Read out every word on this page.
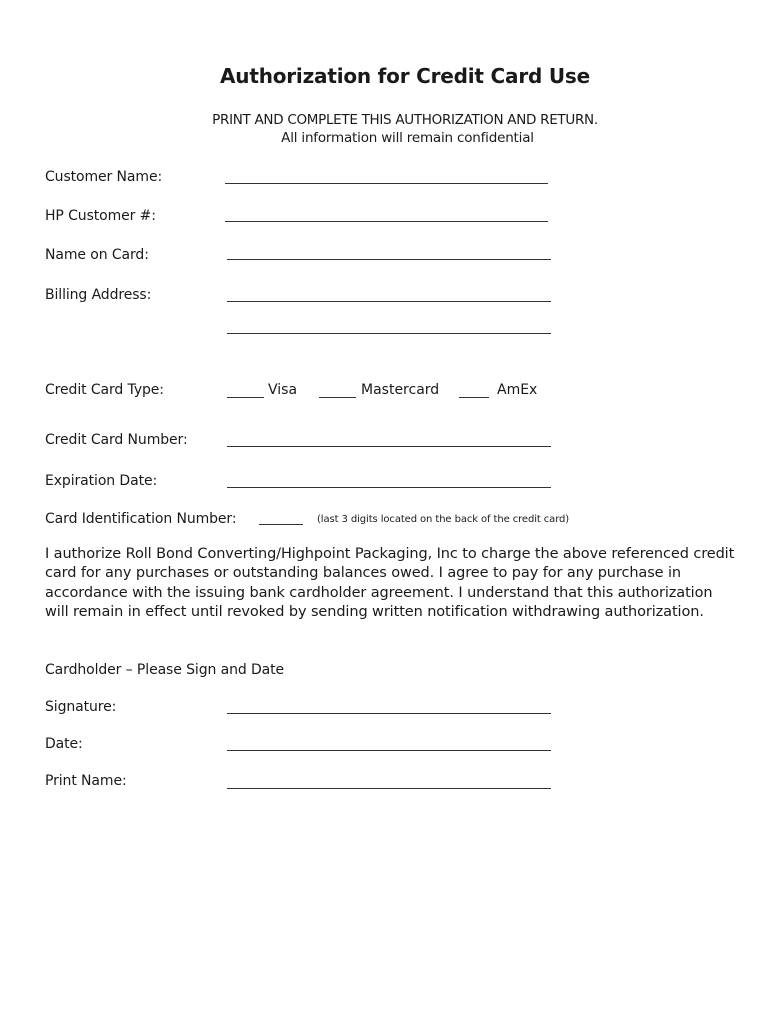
Authorization for Credit Card Use
PRINT AND COMPLETE THIS AUTHORIZATION AND RETURN.
All information will remain confidential
Customer Name:
HP Customer #:
Name on Card:
Billing Address:
Credit Card Type:	Visa	Mastercard	AmEx
Credit Card Number:
Expiration Date:
Card Identification Number:	(last 3 digits located on the back of the credit card)
I authorize Roll Bond Converting/Highpoint Packaging, Inc to charge the above referenced credit card for any purchases or outstanding balances owed. I agree to pay for any purchase in accordance with the issuing bank cardholder agreement. I understand that this authorization will remain in effect until revoked by sending written notification withdrawing authorization.
Cardholder – Please Sign and Date
Signature:
Date:
Print Name:
